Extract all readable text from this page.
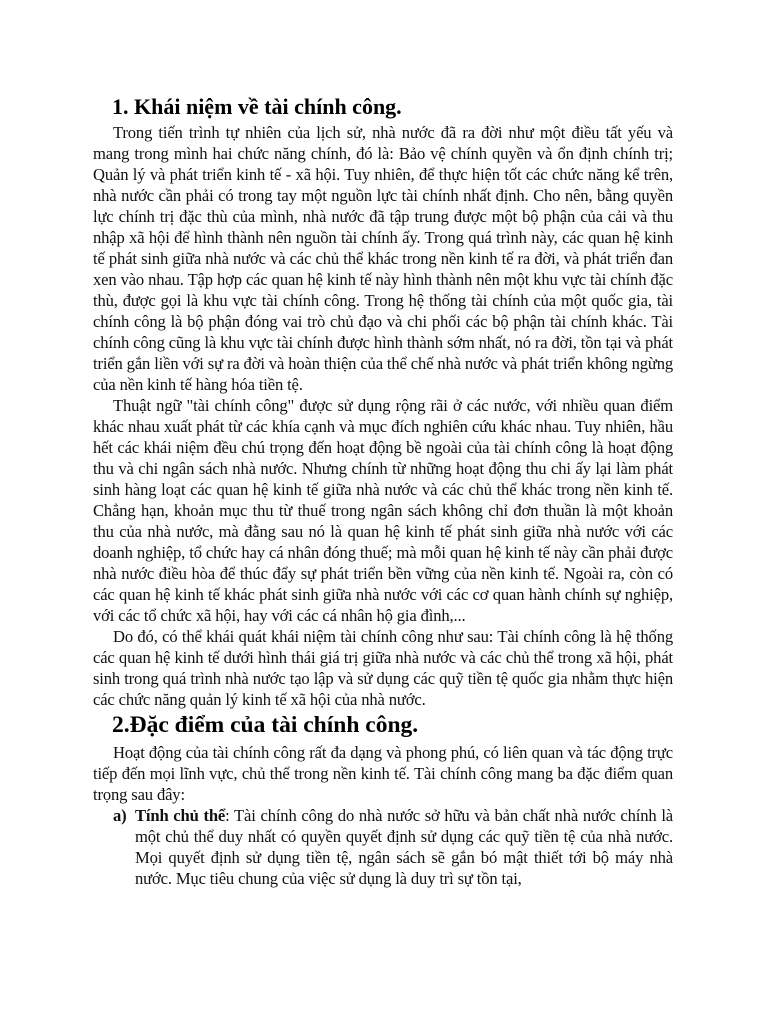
1. Khái niệm về tài chính công.

Trong tiến trình tự nhiên của lịch sử, nhà nước đã ra đời như một điều tất yếu và mang trong mình hai chức năng chính, đó là: Bảo vệ chính quyền và ổn định chính trị; Quản lý và phát triển kinh tế - xã hội. Tuy nhiên, để thực hiện tốt các chức năng kể trên, nhà nước cần phải có trong tay một nguồn lực tài chính nhất định. Cho nên, bằng quyền lực chính trị đặc thù của mình, nhà nước đã tập trung được một bộ phận của cải và thu nhập xã hội để hình thành nên nguồn tài chính ấy. Trong quá trình này, các quan hệ kinh tế phát sinh giữa nhà nước và các chủ thể khác trong nền kinh tế ra đời, và phát triển đan xen vào nhau. Tập hợp các quan hệ kinh tế này hình thành nên một khu vực tài chính đặc thù, được gọi là khu vực tài chính công. Trong hệ thống tài chính của một quốc gia, tài chính công là bộ phận đóng vai trò chủ đạo và chi phối các bộ phận tài chính khác. Tài chính công cũng là khu vực tài chính được hình thành sớm nhất, nó ra đời, tồn tại và phát triển gắn liền với sự ra đời và hoàn thiện của thể chế nhà nước và phát triển không ngừng của nền kinh tế hàng hóa tiền tệ.

Thuật ngữ "tài chính công" được sử dụng rộng rãi ở các nước, với nhiều quan điểm khác nhau xuất phát từ các khía cạnh và mục đích nghiên cứu khác nhau. Tuy nhiên, hầu hết các khái niệm đều chú trọng đến hoạt động bề ngoài của tài chính công là hoạt động thu và chi ngân sách nhà nước. Nhưng chính từ những hoạt động thu chi ấy lại làm phát sinh hàng loạt các quan hệ kinh tế giữa nhà nước và các chủ thể khác trong nền kinh tế. Chẳng hạn, khoản mục thu từ thuế trong ngân sách không chỉ đơn thuần là một khoản thu của nhà nước, mà đằng sau nó là quan hệ kinh tế phát sinh giữa nhà nước với các doanh nghiệp, tổ chức hay cá nhân đóng thuế; mà mỗi quan hệ kinh tế này cần phải được nhà nước điều hòa để thúc đẩy sự phát triển bền vững của nền kinh tế. Ngoài ra, còn có các quan hệ kinh tế khác phát sinh giữa nhà nước với các cơ quan hành chính sự nghiệp, với các tổ chức xã hội, hay với các cá nhân hộ gia đình,...

Do đó, có thể khái quát khái niệm tài chính công như sau: Tài chính công là hệ thống các quan hệ kinh tế dưới hình thái giá trị giữa nhà nước và các chủ thể trong xã hội, phát sinh trong quá trình nhà nước tạo lập và sử dụng các quỹ tiền tệ quốc gia nhằm thực hiện các chức năng quản lý kinh tế xã hội của nhà nước.

2.Đặc điểm của tài chính công.

Hoạt động của tài chính công rất đa dạng và phong phú, có liên quan và tác động trực tiếp đến mọi lĩnh vực, chủ thể trong nền kinh tế. Tài chính công mang ba đặc điểm quan trọng sau đây:

a) Tính chủ thể: Tài chính công do nhà nước sở hữu và bản chất nhà nước chính là một chủ thể duy nhất có quyền quyết định sử dụng các quỹ tiền tệ của nhà nước. Mọi quyết định sử dụng tiền tệ, ngân sách sẽ gắn bó mật thiết tới bộ máy nhà nước. Mục tiêu chung của việc sử dụng là duy trì sự tồn tại,
